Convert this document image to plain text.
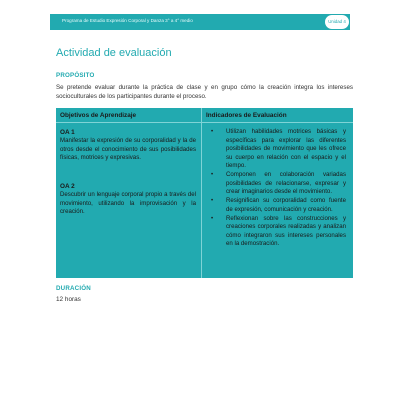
Programa de Estudio Expresión Corporal y Danza 3° a 4° medio	Unidad 4
Actividad de evaluación
PROPÓSITO
Se pretende evaluar durante la práctica de clase y en grupo cómo la creación integra los intereses socioculturales de los participantes durante el proceso.
Objetivos de Aprendizaje	Indicadores de Evaluación
OA 1
Manifestar la expresión de su corporalidad y la de otros desde el conocimiento de sus posibilidades físicas, motrices y expresivas.
OA 2
Descubrir un lenguaje corporal propio a través del movimiento, utilizando la improvisación y la creación.
• Utilizan habilidades motrices básicas y específicas para explorar las diferentes posibilidades de movimiento que les ofrece su cuerpo en relación con el espacio y el tiempo.
• Componen en colaboración variadas posibilidades de relacionarse, expresar y crear imaginarios desde el movimiento.
• Resignifican su corporalidad como fuente de expresión, comunicación y creación.
• Reflexionan sobre las construcciones y creaciones corporales realizadas y analizan cómo integraron sus intereses personales en la demostración.
DURACIÓN
12 horas
